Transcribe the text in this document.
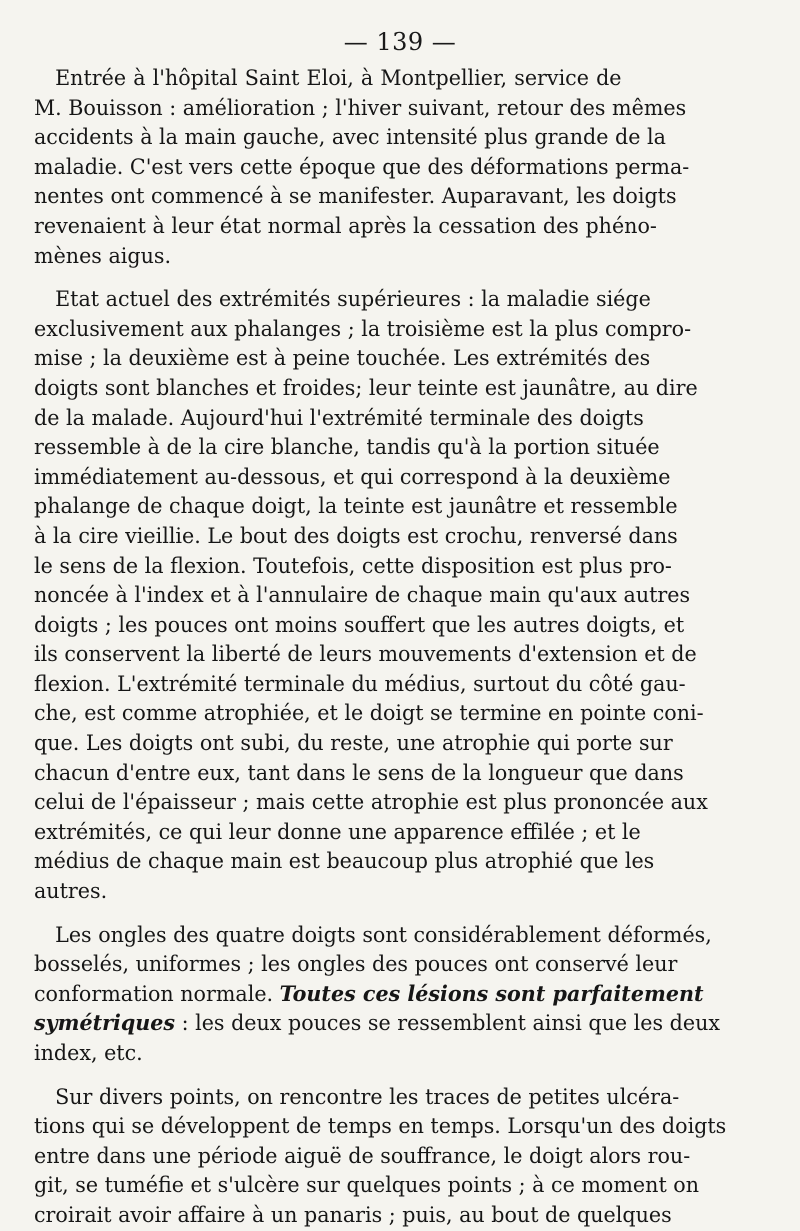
— 139 —
Entrée à l'hôpital Saint Eloi, à Montpellier, service de
M. Bouisson : amélioration ; l'hiver suivant, retour des mêmes
accidents à la main gauche, avec intensité plus grande de la
maladie. C'est vers cette époque que des déformations perma-
nentes ont commencé à se manifester. Auparavant, les doigts
revenaient à leur état normal après la cessation des phéno-
mènes aigus.
Etat actuel des extrémités supérieures : la maladie siége
exclusivement aux phalanges ; la troisième est la plus compro-
mise ; la deuxième est à peine touchée. Les extrémités des
doigts sont blanches et froides; leur teinte est jaunâtre, au dire
de la malade. Aujourd'hui l'extrémité terminale des doigts
ressemble à de la cire blanche, tandis qu'à la portion située
immédiatement au-dessous, et qui correspond à la deuxième
phalange de chaque doigt, la teinte est jaunâtre et ressemble
à la cire vieillie. Le bout des doigts est crochu, renversé dans
le sens de la flexion. Toutefois, cette disposition est plus pro-
noncée à l'index et à l'annulaire de chaque main qu'aux autres
doigts ; les pouces ont moins souffert que les autres doigts, et
ils conservent la liberté de leurs mouvements d'extension et de
flexion. L'extrémité terminale du médius, surtout du côté gau-
che, est comme atrophiée, et le doigt se termine en pointe coni-
que. Les doigts ont subi, du reste, une atrophie qui porte sur
chacun d'entre eux, tant dans le sens de la longueur que dans
celui de l'épaisseur ; mais cette atrophie est plus prononcée aux
extrémités, ce qui leur donne une apparence effilée ; et le
médius de chaque main est beaucoup plus atrophié que les
autres.
Les ongles des quatre doigts sont considérablement déformés,
bosselés, uniformes ; les ongles des pouces ont conservé leur
conformation normale. Toutes ces lésions sont parfaitement
symétriques : les deux pouces se ressemblent ainsi que les deux
index, etc.
Sur divers points, on rencontre les traces de petites ulcéra-
tions qui se développent de temps en temps. Lorsqu'un des doigts
entre dans une période aiguë de souffrance, le doigt alors rou-
git, se tuméfie et s'ulcère sur quelques points ; à ce moment on
croirait avoir affaire à un panaris ; puis, au bout de quelques
